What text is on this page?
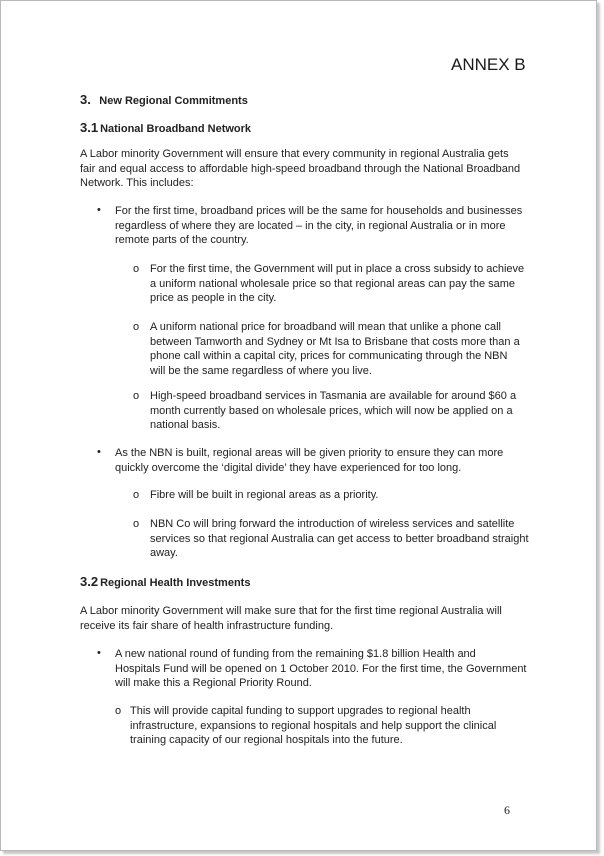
ANNEX B
3. New Regional Commitments
3.1 National Broadband Network
A Labor minority Government will ensure that every community in regional Australia gets
fair and equal access to affordable high-speed broadband through the National Broadband
Network. This includes:
• For the first time, broadband prices will be the same for households and businesses
regardless of where they are located – in the city, in regional Australia or in more
remote parts of the country.
o For the first time, the Government will put in place a cross subsidy to achieve
a uniform national wholesale price so that regional areas can pay the same
price as people in the city.
o A uniform national price for broadband will mean that unlike a phone call
between Tamworth and Sydney or Mt Isa to Brisbane that costs more than a
phone call within a capital city, prices for communicating through the NBN
will be the same regardless of where you live.
o High-speed broadband services in Tasmania are available for around $60 a
month currently based on wholesale prices, which will now be applied on a
national basis.
• As the NBN is built, regional areas will be given priority to ensure they can more
quickly overcome the ‘digital divide’ they have experienced for too long.
o Fibre will be built in regional areas as a priority.
o NBN Co will bring forward the introduction of wireless services and satellite
services so that regional Australia can get access to better broadband straight
away.
3.2 Regional Health Investments
A Labor minority Government will make sure that for the first time regional Australia will
receive its fair share of health infrastructure funding.
• A new national round of funding from the remaining $1.8 billion Health and
Hospitals Fund will be opened on 1 October 2010. For the first time, the Government
will make this a Regional Priority Round.
o This will provide capital funding to support upgrades to regional health
infrastructure, expansions to regional hospitals and help support the clinical
training capacity of our regional hospitals into the future.
6
